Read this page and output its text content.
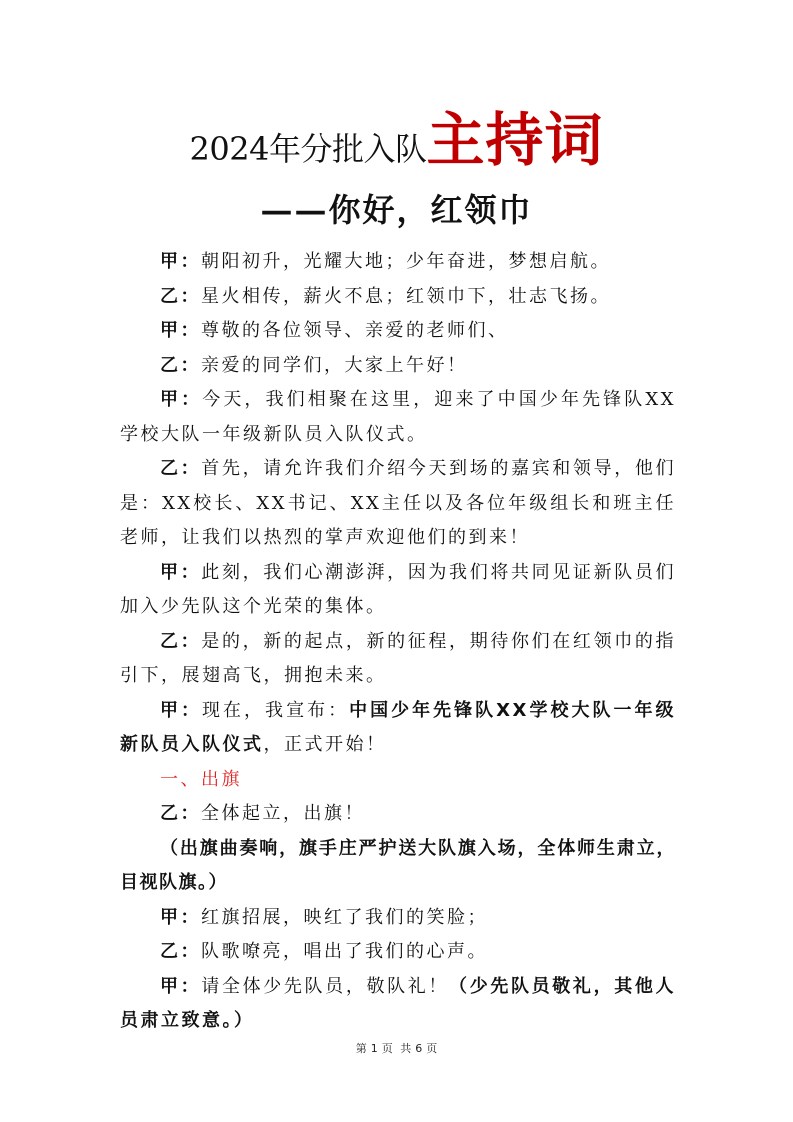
2024年分批入队主持词
——你好，红领巾

甲：朝阳初升，光耀大地；少年奋进，梦想启航。

乙：星火相传，薪火不息；红领巾下，壮志飞扬。

甲：尊敬的各位领导、亲爱的老师们、

乙：亲爱的同学们，大家上午好！

甲：今天，我们相聚在这里，迎来了中国少年先锋队XX学校大队一年级新队员入队仪式。

乙：首先，请允许我们介绍今天到场的嘉宾和领导，他们是：XX校长、XX书记、XX主任以及各位年级组长和班主任老师，让我们以热烈的掌声欢迎他们的到来！

甲：此刻，我们心潮澎湃，因为我们将共同见证新队员们加入少先队这个光荣的集体。

乙：是的，新的起点，新的征程，期待你们在红领巾的指引下，展翅高飞，拥抱未来。

甲：现在，我宣布：中国少年先锋队XX学校大队一年级新队员入队仪式，正式开始！

一、出旗

乙：全体起立，出旗！

（出旗曲奏响，旗手庄严护送大队旗入场，全体师生肃立，目视队旗。）

甲：红旗招展，映红了我们的笑脸；

乙：队歌嘹亮，唱出了我们的心声。

甲：请全体少先队员，敬队礼！（少先队员敬礼，其他人员肃立致意。）

第 1 页 共 6 页
